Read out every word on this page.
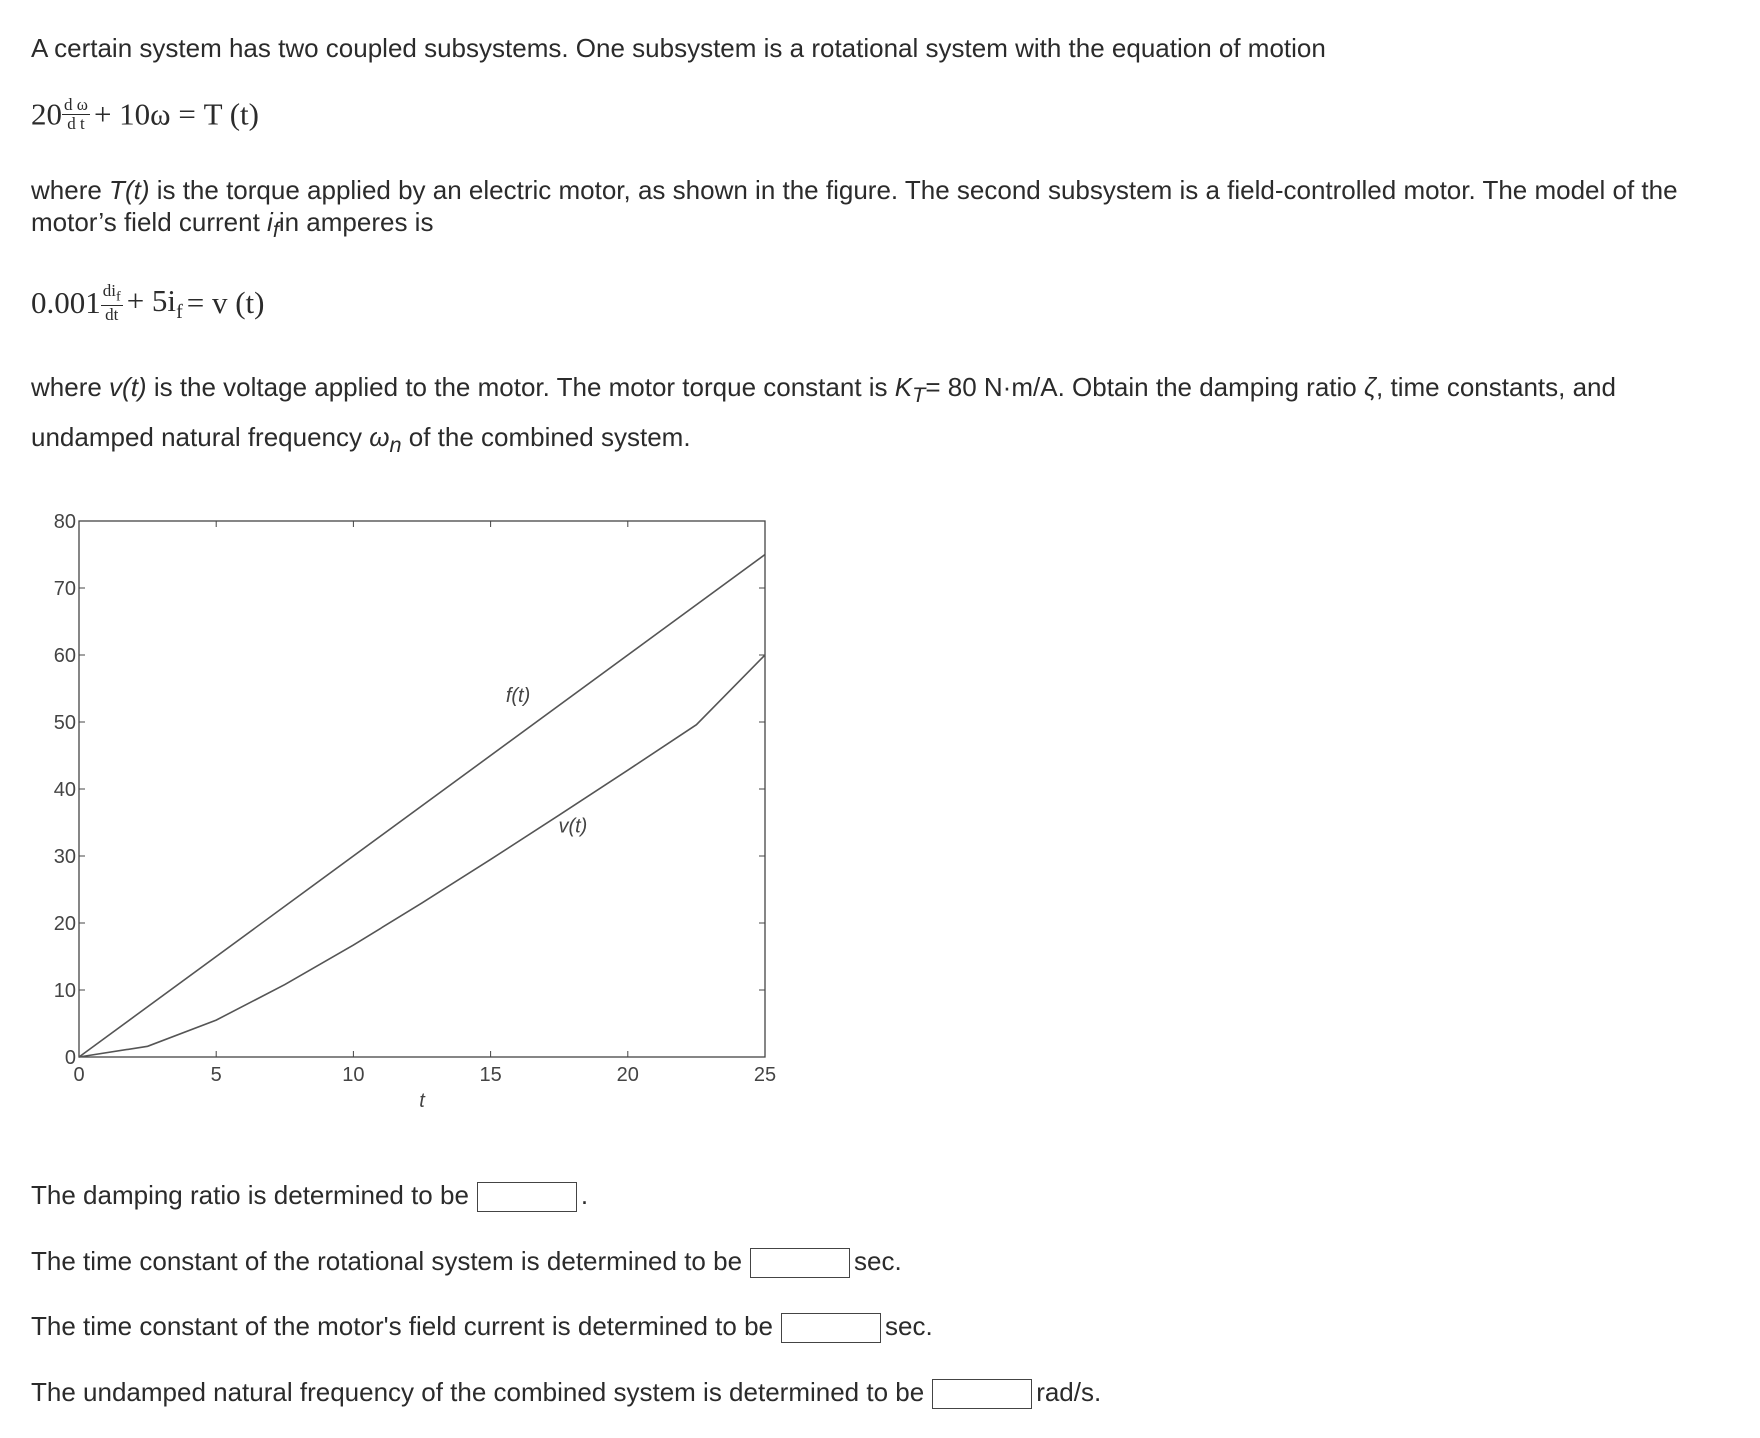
A certain system has two coupled subsystems. One subsystem is a rotational system with the equation of motion

$20 \frac{\text{d ω}}{\text{d t}} + 10\omega = T$ (t)

where T(t) is the torque applied by an electric motor, as shown in the figure. The second subsystem is a field-controlled motor. The model of the motor’s field current $i_fin$ amperes is

$0.001 \frac{di_f}{dt} + 5i_f = v$ (t)

where v(t) is the voltage applied to the motor. The motor torque constant is $K_T= 80$ N·m/A. Obtain the damping ratio ζ, time constants, and undamped natural frequency $\omega_n$ of the combined system.

0	5	10	15	20	25
0
10
20
30
40
50
60
70
80
t
f(t)
v(t)
The damping ratio is determined to be	.
The time constant of the rotational system is determined to be	sec.
The time constant of the motor's field current is determined to be	sec.
The undamped natural frequency of the combined system is determined to be	rad/s.
